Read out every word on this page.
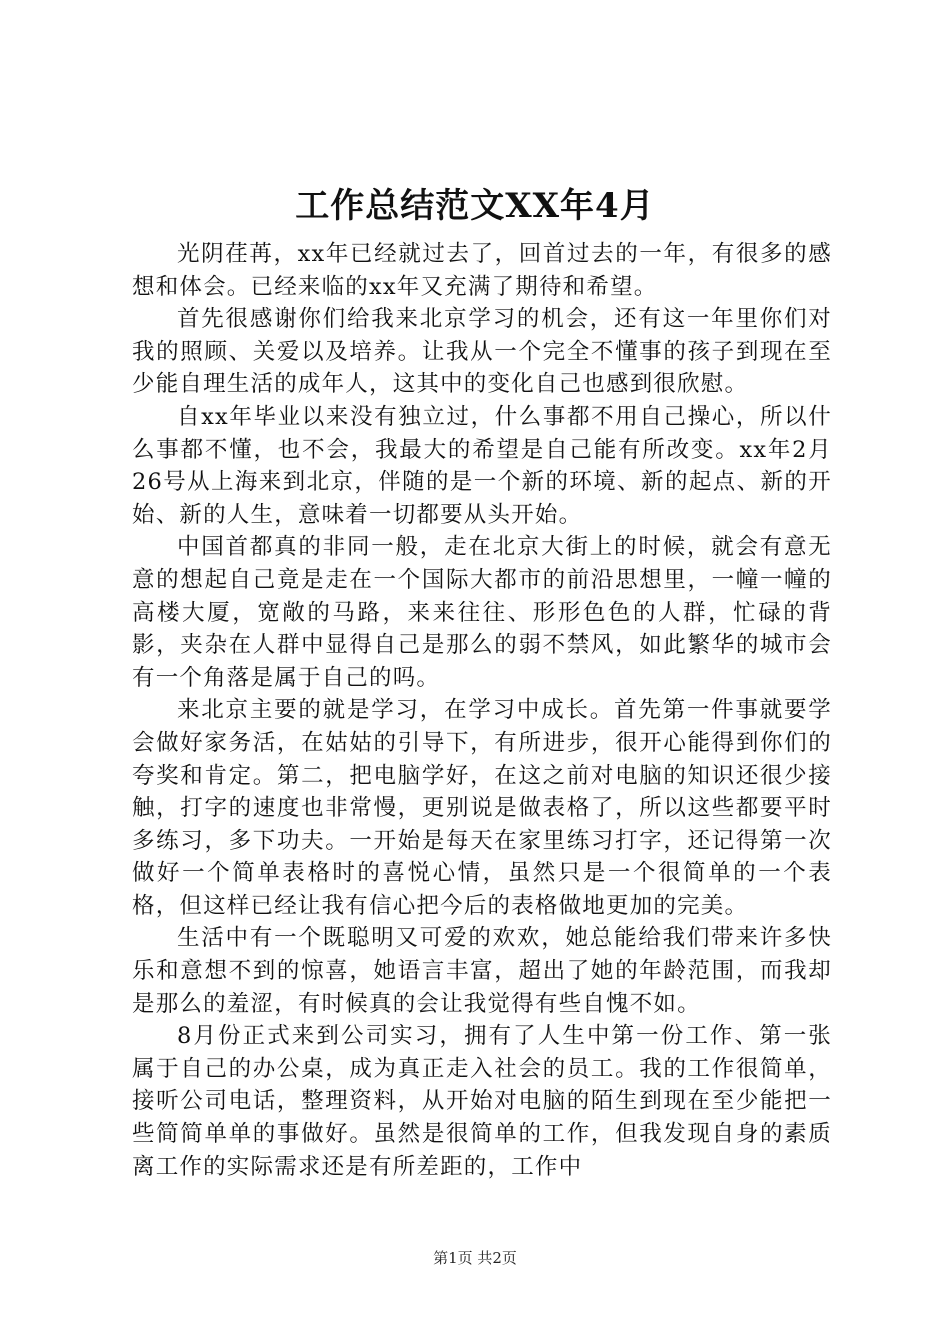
工作总结范文XX年4月

光阴荏苒，xx年已经就过去了，回首过去的一年，有很多的感想和体会。已经来临的xx年又充满了期待和希望。

首先很感谢你们给我来北京学习的机会，还有这一年里你们对我的照顾、关爱以及培养。让我从一个完全不懂事的孩子到现在至少能自理生活的成年人，这其中的变化自己也感到很欣慰。

自xx年毕业以来没有独立过，什么事都不用自己操心，所以什么事都不懂，也不会，我最大的希望是自己能有所改变。xx年2月26号从上海来到北京，伴随的是一个新的环境、新的起点、新的开始、新的人生，意味着一切都要从头开始。

中国首都真的非同一般，走在北京大街上的时候，就会有意无意的想起自己竟是走在一个国际大都市的前沿思想里，一幢一幢的高楼大厦，宽敞的马路，来来往往、形形色色的人群，忙碌的背影，夹杂在人群中显得自己是那么的弱不禁风，如此繁华的城市会有一个角落是属于自己的吗。

来北京主要的就是学习，在学习中成长。首先第一件事就要学会做好家务活，在姑姑的引导下，有所进步，很开心能得到你们的夸奖和肯定。第二，把电脑学好，在这之前对电脑的知识还很少接触，打字的速度也非常慢，更别说是做表格了，所以这些都要平时多练习，多下功夫。一开始是每天在家里练习打字，还记得第一次做好一个简单表格时的喜悦心情，虽然只是一个很简单的一个表格，但这样已经让我有信心把今后的表格做地更加的完美。

生活中有一个既聪明又可爱的欢欢，她总能给我们带来许多快乐和意想不到的惊喜，她语言丰富，超出了她的年龄范围，而我却是那么的羞涩，有时候真的会让我觉得有些自愧不如。

8月份正式来到公司实习，拥有了人生中第一份工作、第一张属于自己的办公桌，成为真正走入社会的员工。我的工作很简单，接听公司电话，整理资料，从开始对电脑的陌生到现在至少能把一些简简单单的事做好。虽然是很简单的工作，但我发现自身的素质离工作的实际需求还是有所差距的，工作中

第1页 共2页
